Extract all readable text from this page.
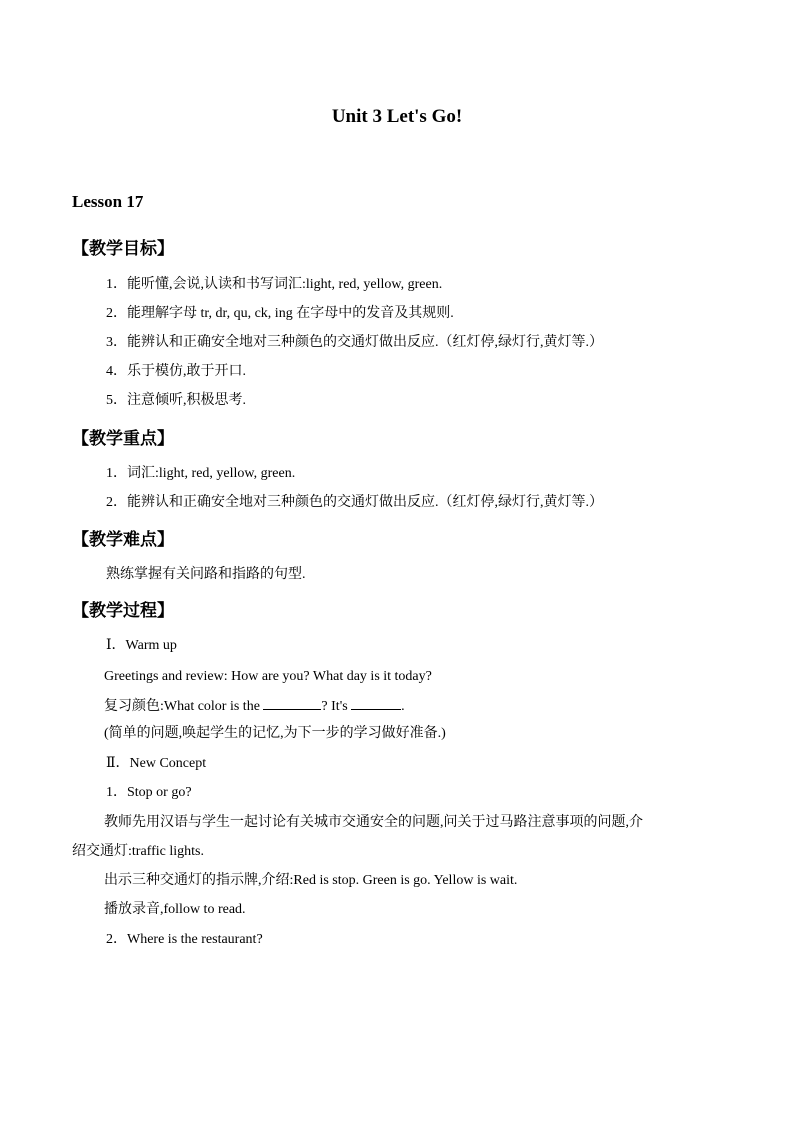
Unit 3 Let's Go!
Lesson 17
【教学目标】
1．能听懂,会说,认读和书写词汇:light, red, yellow, green.
2．能理解字母 tr, dr, qu, ck, ing 在字母中的发音及其规则.
3．能辨认和正确安全地对三种颜色的交通灯做出反应.（红灯停,绿灯行,黄灯等.）
4．乐于模仿,敢于开口.
5．注意倾听,积极思考.
【教学重点】
1．词汇:light, red, yellow, green.
2．能辨认和正确安全地对三种颜色的交通灯做出反应.（红灯停,绿灯行,黄灯等.）
【教学难点】
熟练掌握有关问路和指路的句型.
【教学过程】
Ⅰ．Warm up
Greetings and review: How are you? What day is it today?
复习颜色:What color is the	? It's	.
(简单的问题,唤起学生的记忆,为下一步的学习做好准备.)
Ⅱ．New Concept
1．Stop or go?
教师先用汉语与学生一起讨论有关城市交通安全的问题,问关于过马路注意事项的问题,介
绍交通灯:traffic lights.
出示三种交通灯的指示牌,介绍:Red is stop. Green is go. Yellow is wait.
播放录音,follow to read.
2．Where is the restaurant?
